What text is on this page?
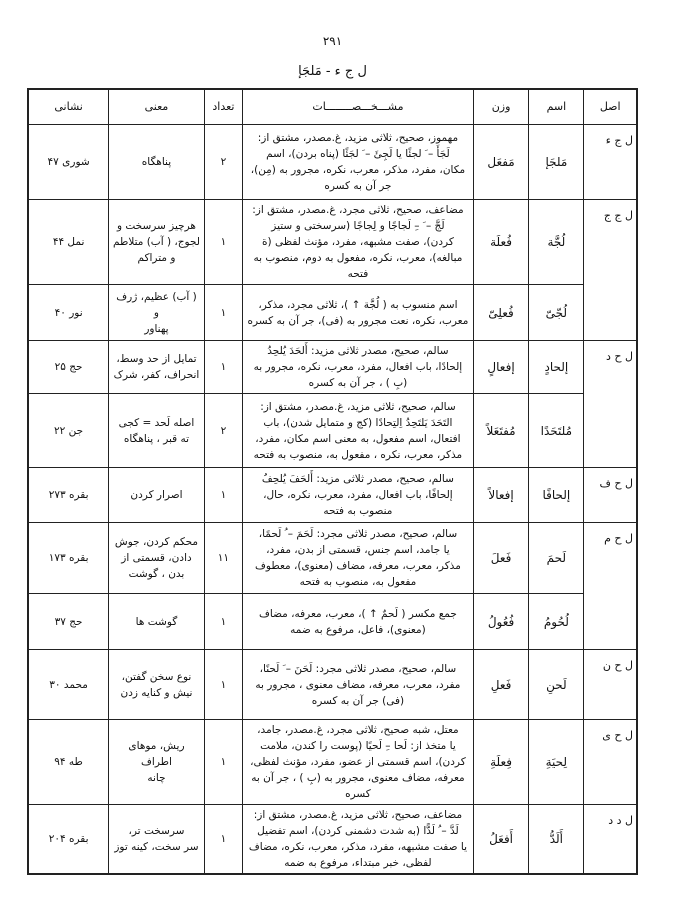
۲۹۱
ل ج ء - مَلجَإ
اصل	اسم	وزن	مشـــخـــصــــــــات	تعداد	معنی	نشانی
ل ج ء	مَلجَإ	مَفعَل	مهموز، صحیح، ثلاثی مزید، غ.مصدر، مشتق از:
لَجَأَ – َ لجئًا یا لَجِئَ – َ لجَئًا (پناه بردن)، اسم
مکان، مفرد، مذکر، معرب، نکره، مجرور به (مِن)،
جر آن به کسره	۲	پناهگاه	شوری ۴۷
ل ج ج	لُجَّة	فُعلَة	مضاعف، صحیح، ثلاثی مجرد، غ.مصدر، مشتق از:
لَجَّ – َ –ِ لَجاجًا و لِجاجًا (سرسختی و ستیز
کردن)، صفت مشبهه، مفرد، مؤنث لفظی (ة
مبالغه)، معرب، نکره، مفعول به دوم، منصوب به فتحه	۱	هرچیز سرسخت و
لجوج، ( آب) متلاطم
و متراکم	نمل ۴۴
	لُجّیّ	فُعلِیّ	اسم منسوب به ( لُجَّة ↑ )، ثلاثی مجرد، مذکر،
معرب، نکره، نعت مجرور به (فی)، جر آن به کسره	۱	( آب) عظیم، ژرف و
پهناور	نور ۴۰
ل ح د	إلحادٍ	إفعالٍ	سالم، صحیح، مصدر ثلاثی مزید: أَلحَدَ یُلحِدُ
إلحادًا، باب افعال، مفرد، معرب، نکره، مجرور به
(بِ ) ، جر آن به کسره	۱	تمایل از حد وسط،
انحراف، کفر، شرک	حج ۲۵
	مُلتَحَدًا	مُفتَعَلاً	سالم، صحیح، ثلاثی مزید، غ.مصدر، مشتق از:
التَحَدَ یَلتَحِدُ اِلتِحادًا (کج و متمایل شدن)، باب
افتعال، اسم مفعول، به معنی اسم مکان، مفرد،
مذکر، معرب، نکره ، مفعول به، منصوب به فتحه	۲	اصله لَحد = کجی
ته قبر ، پناهگاه	جن ۲۲
ل ح ف	إلحافًا	إفعالاً	سالم، صحیح، مصدر ثلاثی مزید: أَلحَفَ یُلحِفُ
إلحافًا، باب افعال، مفرد، معرب، نکره، حال،
منصوب به فتحه	۱	اصرار کردن	بقره ۲۷۳
ل ح م	لَحمَ	فَعلَ	سالم، صحیح، مصدر ثلاثی مجرد: لَحَمَ – ُ لَحمًا،
یا جامد، اسم جنس، قسمتی از بدن، مفرد،
مذکر، معرب، معرفه، مضاف (معنوی)، معطوف
مفعول به، منصوب به فتحه	۱۱	محکم کردن، جوش
دادن، قسمتی از
بدن ، گوشت	بقره ۱۷۳
	لُحُومُ	فُعُولُ	جمع مکسر ( لَحمٌ ↑ )، معرب، معرفه، مضاف
(معنوی)، فاعل، مرفوع به ضمه	۱	گوشت ها	حج ۳۷
ل ح ن	لَحنِ	فَعلِ	سالم، صحیح، مصدر ثلاثی مجرد: لَحَنَ – َ لَحنًا،
مفرد، معرب، معرفه، مضاف معنوی ، مجرور به
(فی) جر آن به کسره	۱	نوع سخن گفتن،
نیش و کنایه زدن	محمد ۳۰
ل ح ی	لِحیَةِ	فِعلَةِ	معتل، شبه صحیح، ثلاثی مجرد، غ.مصدر، جامد،
یا متخذ از: لَحا –ِ لَحیًا (پوست را کندن، ملامت
کردن)، اسم قسمتی از عضو، مفرد، مؤنث لفظی،
معرفه، مضاف معنوی، مجرور به (بِ ) ، جر آن به
کسره	۱	ریش، موهای اطراف
چانه	طه ۹۴
ل د د	أَلَدُّ	أَفعَلُ	مضاعف، صحیح، ثلاثی مزید، غ.مصدر، مشتق از:
لَدَّ – ُ لَدًّا (به شدت دشمنی کردن)، اسم تفضیل
یا صفت مشبهه، مفرد، مذکر، معرب، نکره، مضاف
لفظی، خبر مبتداء، مرفوع به ضمه	۱	سرسخت تر،
سر سخت، کینه توز	بقره ۲۰۴
